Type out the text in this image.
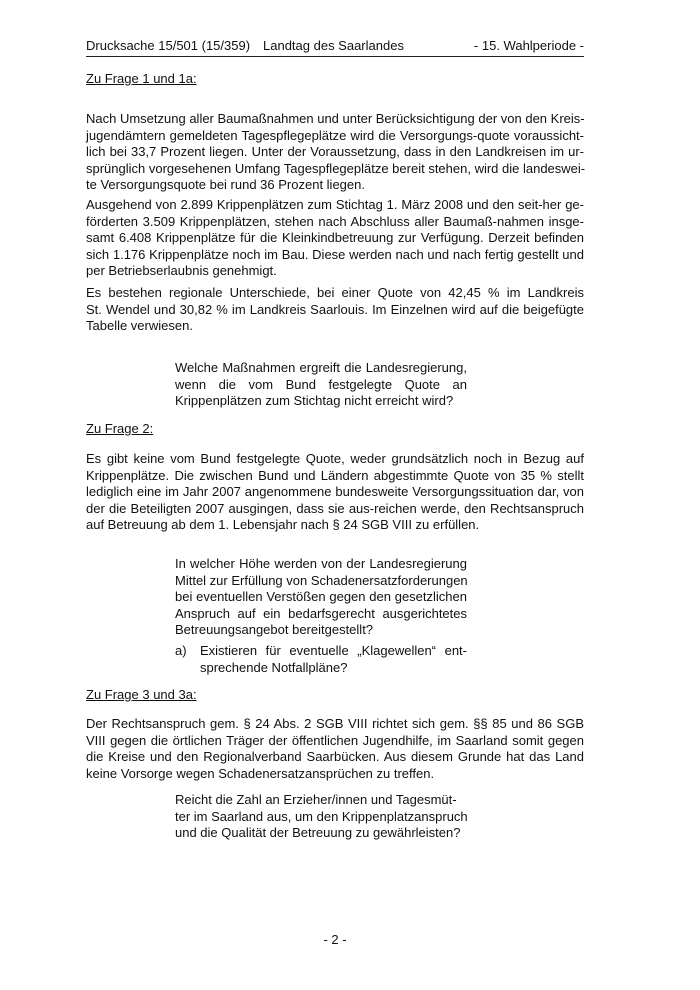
Drucksache 15/501 (15/359) Landtag des Saarlandes	- 15. Wahlperiode -
Zu Frage 1 und 1a:
Nach Umsetzung aller Baumaßnahmen und unter Berücksichtigung der von den Kreis-
jugendämtern gemeldeten Tagespflegeplätze wird die Versorgungs-quote voraussicht-
lich bei 33,7 Prozent liegen. Unter der Voraussetzung, dass in den Landkreisen im ur-
sprünglich vorgesehenen Umfang Tagespflegeplätze bereit stehen, wird die landeswei-
te Versorgungsquote bei rund 36 Prozent liegen.
Ausgehend von 2.899 Krippenplätzen zum Stichtag 1. März 2008 und den seit-her ge-
förderten 3.509 Krippenplätzen, stehen nach Abschluss aller Baumaß-nahmen insge-
samt 6.408 Krippenplätze für die Kleinkindbetreuung zur Verfügung. Derzeit befinden
sich 1.176 Krippenplätze noch im Bau. Diese werden nach und nach fertig gestellt und
per Betriebserlaubnis genehmigt.
Es bestehen regionale Unterschiede, bei einer Quote von 42,45 % im Landkreis
St. Wendel und 30,82 % im Landkreis Saarlouis. Im Einzelnen wird auf die beigefügte
Tabelle verwiesen.
Welche Maßnahmen ergreift die Landesregierung,
wenn die vom Bund festgelegte Quote an
Krippenplätzen zum Stichtag nicht erreicht wird?
Zu Frage 2:
Es gibt keine vom Bund festgelegte Quote, weder grundsätzlich noch in Bezug auf
Krippenplätze. Die zwischen Bund und Ländern abgestimmte Quote von 35 % stellt
lediglich eine im Jahr 2007 angenommene bundesweite Versorgungssituation dar, von
der die Beteiligten 2007 ausgingen, dass sie aus-reichen werde, den Rechtsanspruch
auf Betreuung ab dem 1. Lebensjahr nach § 24 SGB VIII zu erfüllen.
In welcher Höhe werden von der Landesregierung
Mittel zur Erfüllung von Schadenersatzforderungen
bei eventuellen Verstößen gegen den gesetzlichen
Anspruch auf ein bedarfsgerecht ausgerichtetes
Betreuungsangebot bereitgestellt?
a) Existieren für eventuelle „Klagewellen“ ent-
sprechende Notfallpläne?
Zu Frage 3 und 3a:
Der Rechtsanspruch gem. § 24 Abs. 2 SGB VIII richtet sich gem. §§ 85 und 86 SGB
VIII gegen die örtlichen Träger der öffentlichen Jugendhilfe, im Saarland somit gegen
die Kreise und den Regionalverband Saarbücken. Aus diesem Grunde hat das Land
keine Vorsorge wegen Schadenersatzansprüchen zu treffen.
Reicht die Zahl an Erzieher/innen und Tagesmüt-
ter im Saarland aus, um den Krippenplatzanspruch
und die Qualität der Betreuung zu gewährleisten?
- 2 -
